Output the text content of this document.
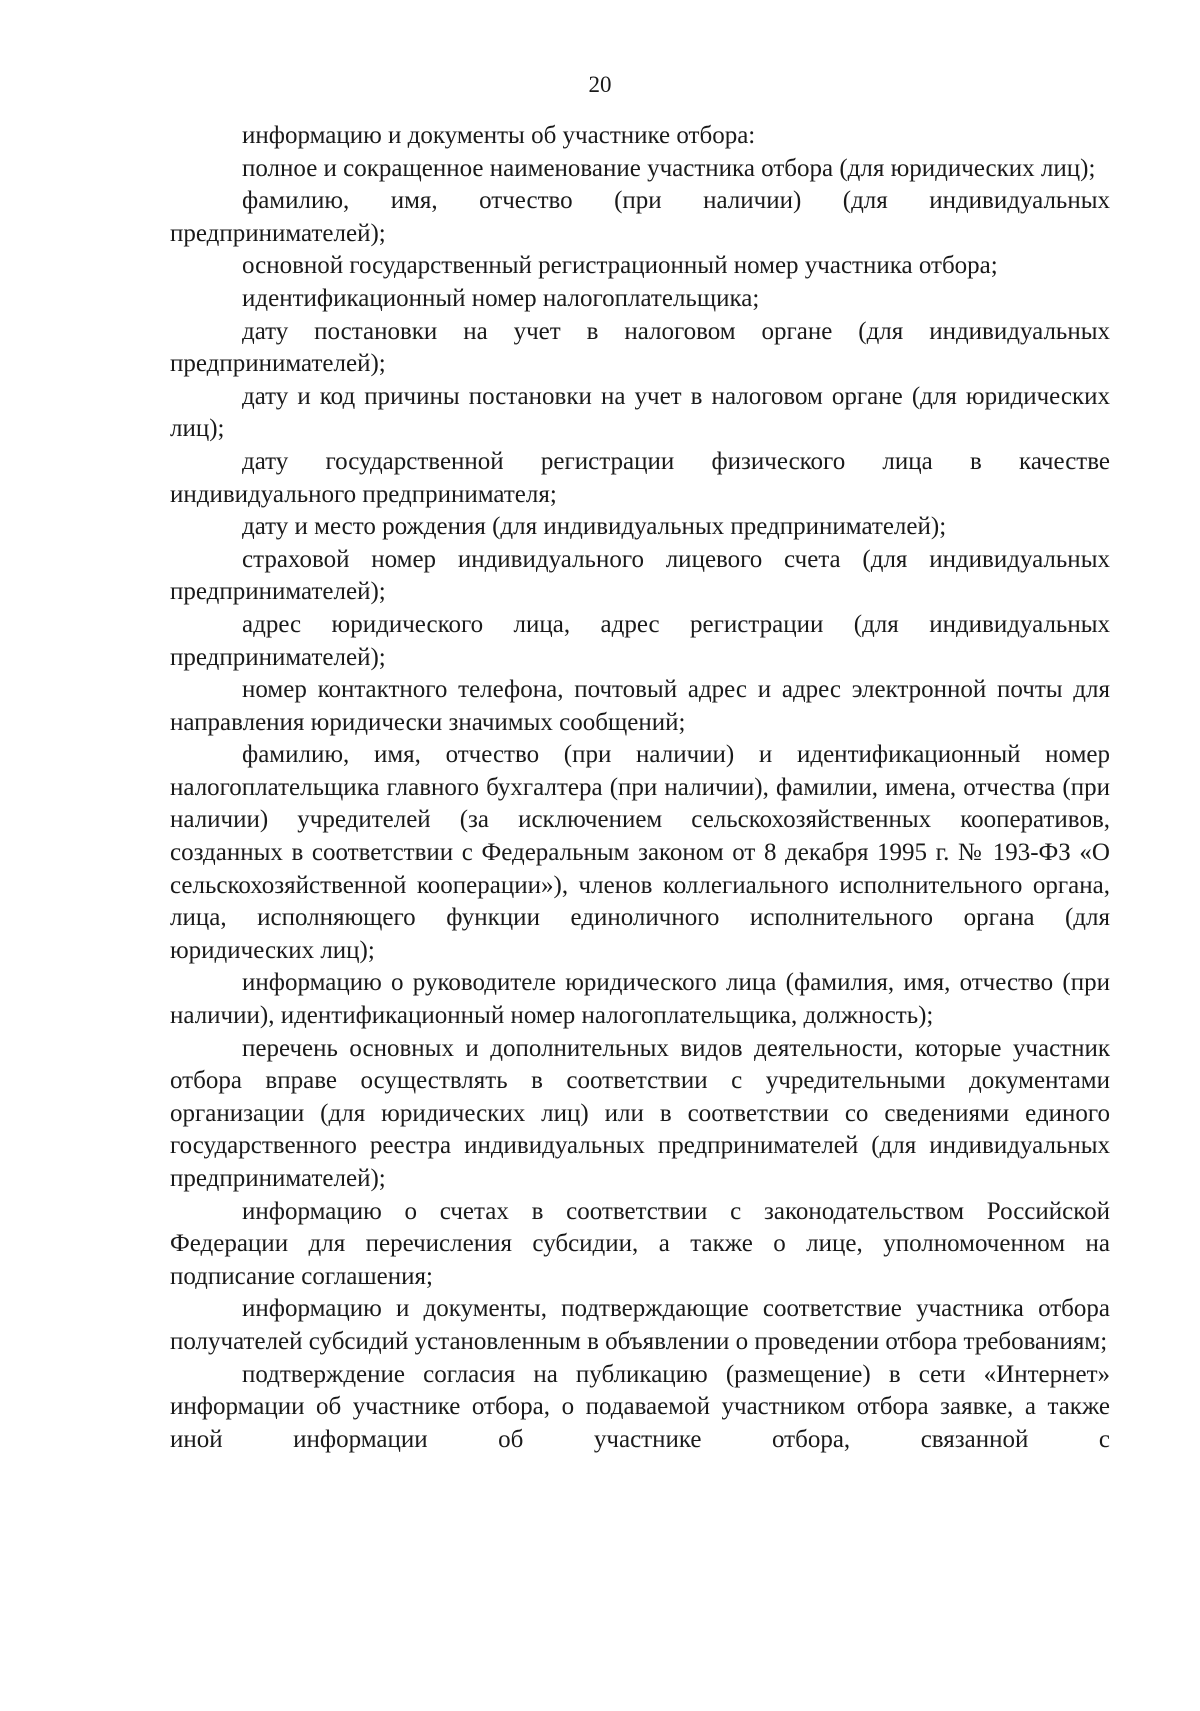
20

информацию и документы об участнике отбора:

полное и сокращенное наименование участника отбора (для юридических лиц);

фамилию, имя, отчество (при наличии) (для индивидуальных предпринимателей);

основной государственный регистрационный номер участника отбора;

идентификационный номер налогоплательщика;

дату постановки на учет в налоговом органе (для индивидуальных предпринимателей);

дату и код причины постановки на учет в налоговом органе (для юридических лиц);

дату государственной регистрации физического лица в качестве индивидуального предпринимателя;

дату и место рождения (для индивидуальных предпринимателей);

страховой номер индивидуального лицевого счета (для индивидуальных предпринимателей);

адрес юридического лица, адрес регистрации (для индивидуальных предпринимателей);

номер контактного телефона, почтовый адрес и адрес электронной почты для направления юридически значимых сообщений;

фамилию, имя, отчество (при наличии) и идентификационный номер налогоплательщика главного бухгалтера (при наличии), фамилии, имена, отчества (при наличии) учредителей (за исключением сельскохозяйственных кооперативов, созданных в соответствии с Федеральным законом от 8 декабря 1995 г. № 193-ФЗ «О сельскохозяйственной кооперации»), членов коллегиального исполнительного органа, лица, исполняющего функции единоличного исполнительного органа (для юридических лиц);

информацию о руководителе юридического лица (фамилия, имя, отчество (при наличии), идентификационный номер налогоплательщика, должность);

перечень основных и дополнительных видов деятельности, которые участник отбора вправе осуществлять в соответствии с учредительными документами организации (для юридических лиц) или в соответствии со сведениями единого государственного реестра индивидуальных предпринимателей (для индивидуальных предпринимателей);

информацию о счетах в соответствии с законодательством Российской Федерации для перечисления субсидии, а также о лице, уполномоченном на подписание соглашения;

информацию и документы, подтверждающие соответствие участника отбора получателей субсидий установленным в объявлении о проведении отбора требованиям;

подтверждение согласия на публикацию (размещение) в сети «Интернет» информации об участнике отбора, о подаваемой участником отбора заявке, а также иной информации об участнике отбора, связанной с
